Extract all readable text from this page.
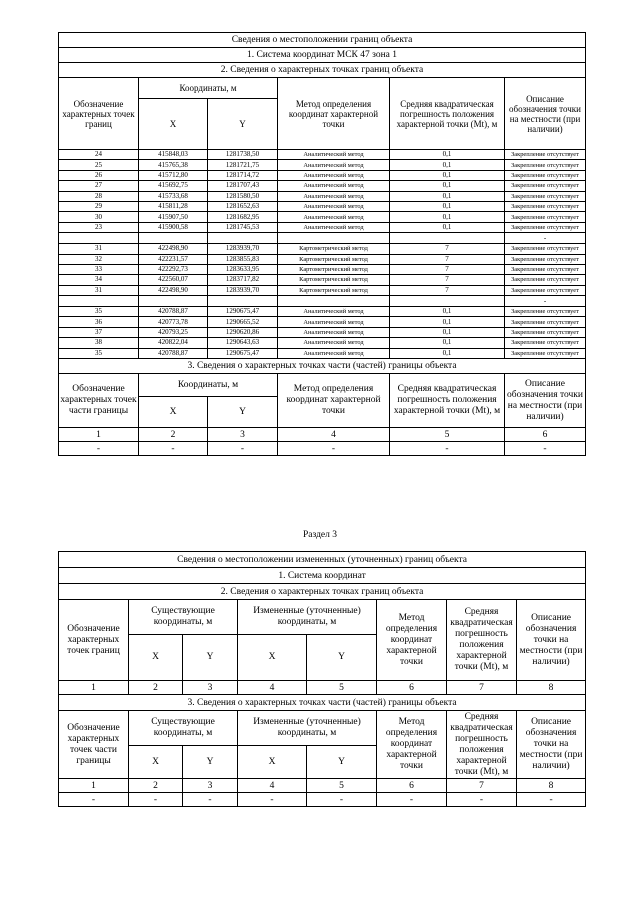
Сведения о местоположении границ объекта					
1. Система координат МСК 47 зона 1					
2. Сведения о характерных точках границ объекта					
Обозначение характерных точек границ	Координаты, м		Метод определения координат характерной точки	Средняя квадратическая погрешность положения характерной точки (Mt), м	Описание обозначения точки на местности (при наличии)
	X	Y			
24	415848,03	1281738,50	Аналитический метод	0,1	Закрепление отсутствует
25	415765,38	1281721,75	Аналитический метод	0,1	Закрепление отсутствует
26	415712,80	1281714,72	Аналитический метод	0,1	Закрепление отсутствует
27	415692,75	1281707,43	Аналитический метод	0,1	Закрепление отсутствует
28	415733,68	1281580,50	Аналитический метод	0,1	Закрепление отсутствует
29	415811,28	1281652,63	Аналитический метод	0,1	Закрепление отсутствует
30	415907,50	1281682,95	Аналитический метод	0,1	Закрепление отсутствует
23	415900,58	1281745,53	Аналитический метод	0,1	Закрепление отсутствует
					-
31	422498,90	1283939,70	Картометрический метод	7	Закрепление отсутствует
32	422231,57	1283855,83	Картометрический метод	7	Закрепление отсутствует
33	422292,73	1283633,95	Картометрический метод	7	Закрепление отсутствует
34	422560,07	1283717,82	Картометрический метод	7	Закрепление отсутствует
31	422498,90	1283939,70	Картометрический метод	7	Закрепление отсутствует
					-
35	420788,87	1290675,47	Аналитический метод	0,1	Закрепление отсутствует
36	420773,78	1290665,52	Аналитический метод	0,1	Закрепление отсутствует
37	420793,25	1290620,86	Аналитический метод	0,1	Закрепление отсутствует
38	420822,04	1290643,63	Аналитический метод	0,1	Закрепление отсутствует
35	420788,87	1290675,47	Аналитический метод	0,1	Закрепление отсутствует
3. Сведения о характерных точках части (частей) границы объекта					
Обозначение характерных точек части границы	Координаты, м		Метод определения координат характерной точки	Средняя квадратическая погрешность положения характерной точки (Mt), м	Описание обозначения точки на местности (при наличии)
	X	Y			
1	2	3	4	5	6
-	-	-	-	-	-
Раздел 3
Сведения о местоположении измененных (уточненных) границ объекта							
1. Система координат							
2. Сведения о характерных точках границ объекта							
Обозначение характерных точек границ	Существующие координаты, м		Измененные (уточненные) координаты, м		Метод определения координат характерной точки	Средняя квадратическая погрешность положения характерной точки (Mt), м	Описание обозначения точки на местности (при наличии)
	X	Y	X	Y			
1	2	3	4	5	6	7	8
3. Сведения о характерных точках части (частей) границы объекта							
Обозначение характерных точек части границы	Существующие координаты, м		Измененные (уточненные) координаты, м		Метод определения координат характерной точки	Средняя квадратическая погрешность положения характерной точки (Mt), м	Описание обозначения точки на местности (при наличии)
	X	Y	X	Y			
1	2	3	4	5	6	7	8
-	-	-	-	-	-	-	-
